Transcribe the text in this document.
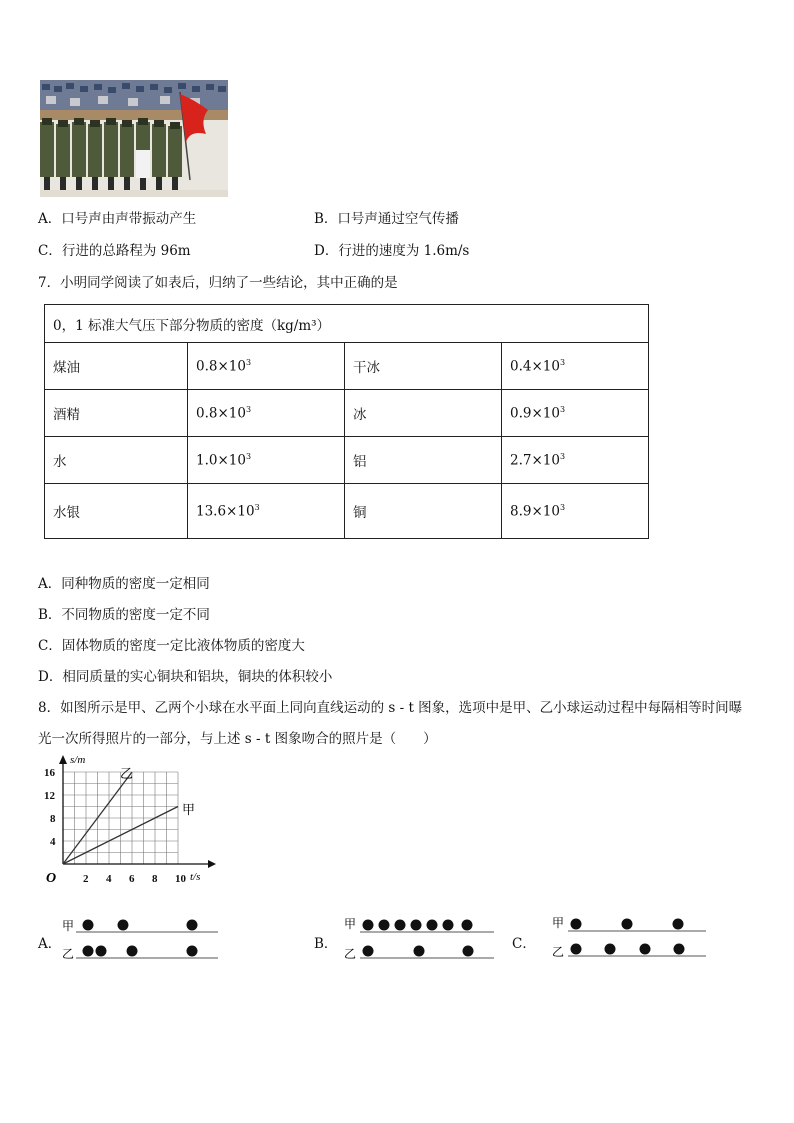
A．口号声由声带振动产生	B．口号声通过空气传播
C．行进的总路程为 96m	D．行进的速度为 1.6m/s
7．小明同学阅读了如表后，归纳了一些结论，其中正确的是
0，1 标准大气压下部分物质的密度（kg/m³）			
煤油	$0.8\times 10^3$	干冰	$0.4\times 10^3$
酒精	$0.8\times 10^3$	冰	$0.9\times 10^3$
水	$1.0\times 10^3$	铝	$2.7\times 10^3$
水银	$13.6\times 10^3$	铜	$8.9\times 10^3$
A．同种物质的密度一定相同
B．不同物质的密度一定不同
C．固体物质的密度一定比液体物质的密度大
D．相同质量的实心铜块和铝块，铜块的体积较小
8．如图所示是甲、乙两个小球在水平面上同向直线运动的 s - t 图象，选项中是甲、乙小球运动过程中每隔相等时间曝
光一次所得照片的一部分，与上述 s - t 图象吻合的照片是（　　）
2 4 6 8 10
4
8
12
16
s/m
t/s
O
乙
甲
A．
甲
乙
B．
甲
乙
C．
甲
乙
